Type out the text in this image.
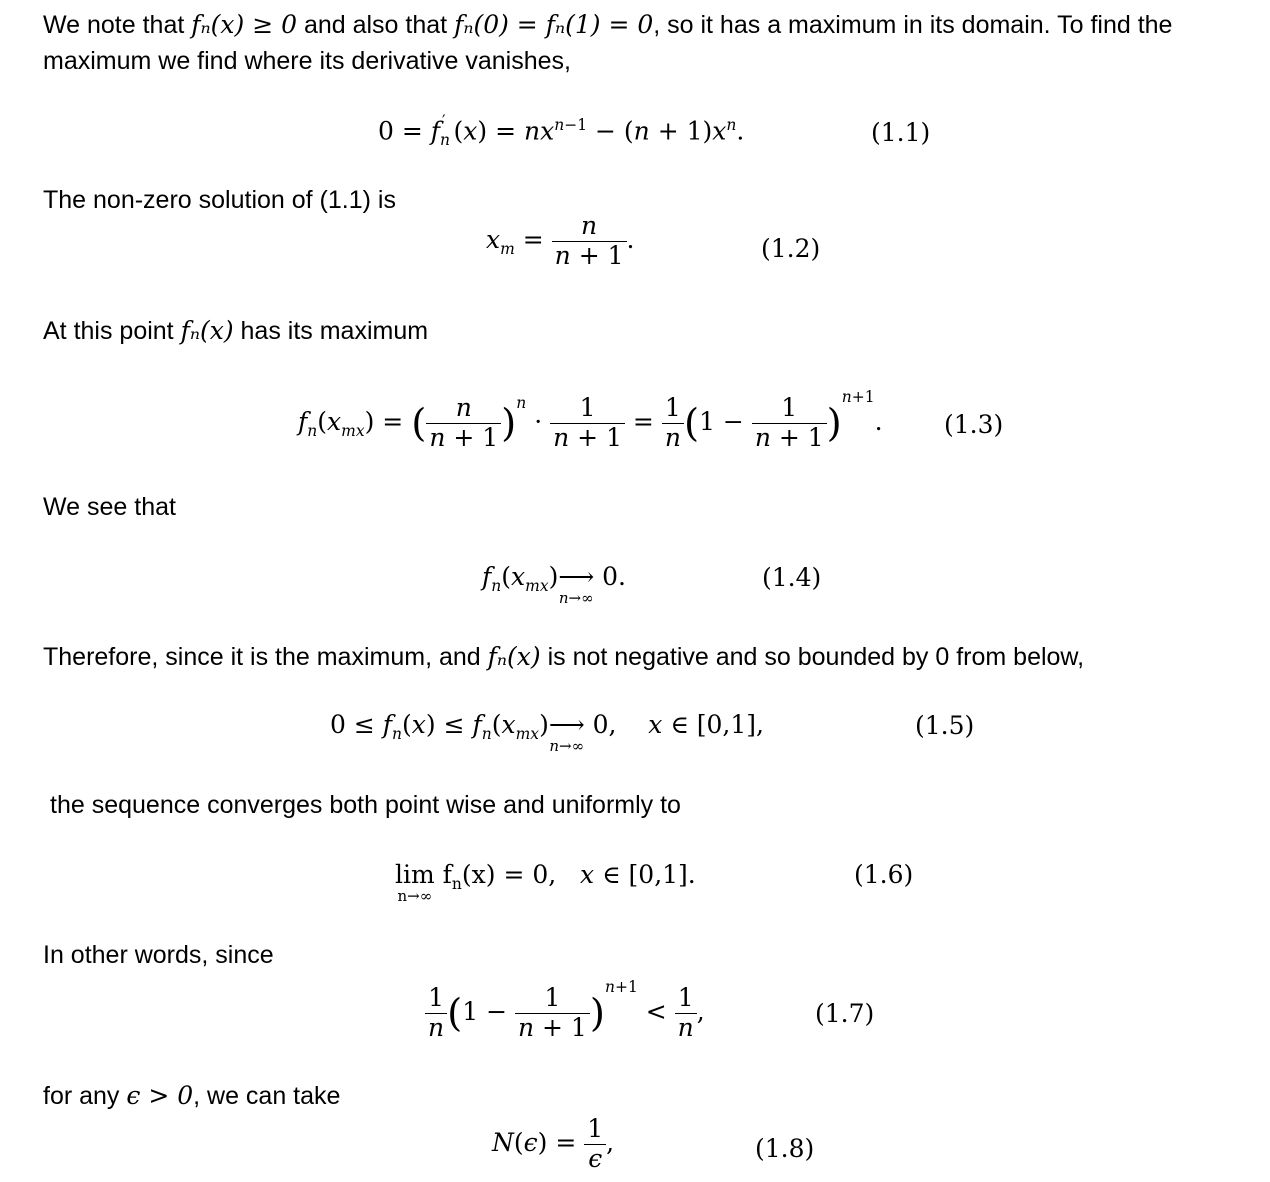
We note that fₙ(x) ≥ 0 and also that fₙ(0) = fₙ(1) = 0, so it has a maximum in its domain. To find the
maximum we find where its derivative vanishes,
$0 = f_n'$ $(x) = nx^{n-1} - (n + 1)x^n$.	(1.1)
The non-zero solution of (1.1) is
$x_m = \frac{n}{n + 1}$ .	(1.2)
At this point fₙ(x) has its maximum
$f_n(x_{mx})$ = ( $\frac{n}{n + 1} )^n \cdot \frac{1}{n + 1} = \frac{1}{n} (1 - \frac{1}{n + 1} )^{n+1}$. (1.3)
We see that
$f_n(x_{mx})⟶$
n→∞
0.	(1.4)
Therefore, since it is the maximum, and fₙ(x) is not negative and so bounded by 0 from below,
$0 \le f_n(x)$ ≤ $f_n(x_{mx})⟶$
n→∞
0,    x ∈ [0,1],	(1.5)
the sequence converges both point wise and uniformly to
lim
n→∞
$f_n(x) = 0$,   x ∈ [0,1].	(1.6)
In other words, since
$\frac{1}{n} (1 - \frac{1}{n + 1} )^{n+1} < \frac{1}{n}$ ,	(1.7)
for any ϵ > 0, we can take
$N(\epsilon) = \frac{1}{\epsilon}$ ,	(1.8)
